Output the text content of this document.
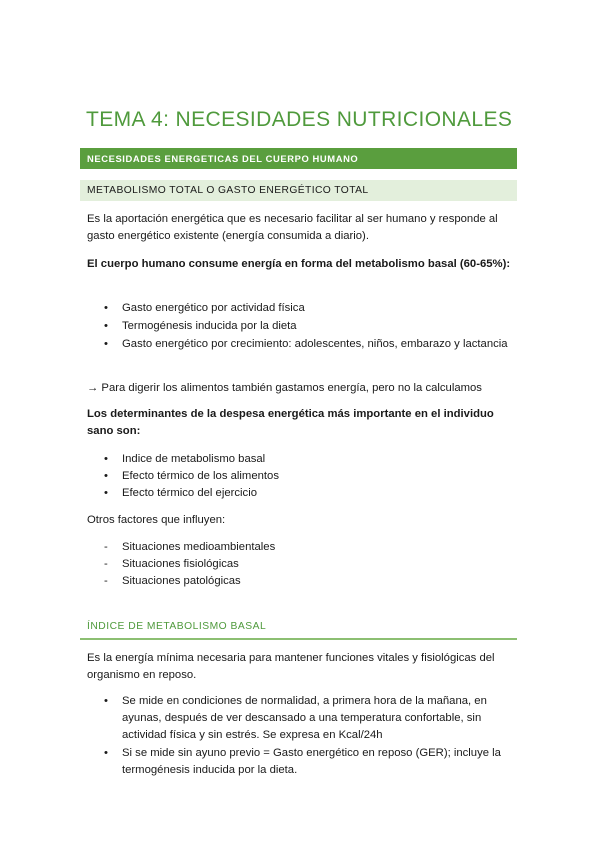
TEMA 4: NECESIDADES NUTRICIONALES
NECESIDADES ENERGETICAS DEL CUERPO HUMANO
METABOLISMO TOTAL O GASTO ENERGÉTICO TOTAL
Es la aportación energética que es necesario facilitar al ser humano y responde al gasto energético existente (energía consumida a diario).
El cuerpo humano consume energía en forma del metabolismo basal (60-65%):
•	Gasto energético por actividad física
•	Termogénesis inducida por la dieta
•	Gasto energético por crecimiento: adolescentes, niños, embarazo y lactancia
→ Para digerir los alimentos también gastamos energía, pero no la calculamos
Los determinantes de la despesa energética más importante en el individuo sano son:
•	Indice de metabolismo basal
•	Efecto térmico de los alimentos
•	Efecto térmico del ejercicio
Otros factores que influyen:
-	Situaciones medioambientales
-	Situaciones fisiológicas
-	Situaciones patológicas
ÍNDICE DE METABOLISMO BASAL
Es la energía mínima necesaria para mantener funciones vitales y fisiológicas del organismo en reposo.
•	Se mide en condiciones de normalidad, a primera hora de la mañana, en ayunas, después de ver descansado a una temperatura confortable, sin actividad física y sin estrés. Se expresa en Kcal/24h
•	Si se mide sin ayuno previo = Gasto energético en reposo (GER); incluye la termogénesis inducida por la dieta.
